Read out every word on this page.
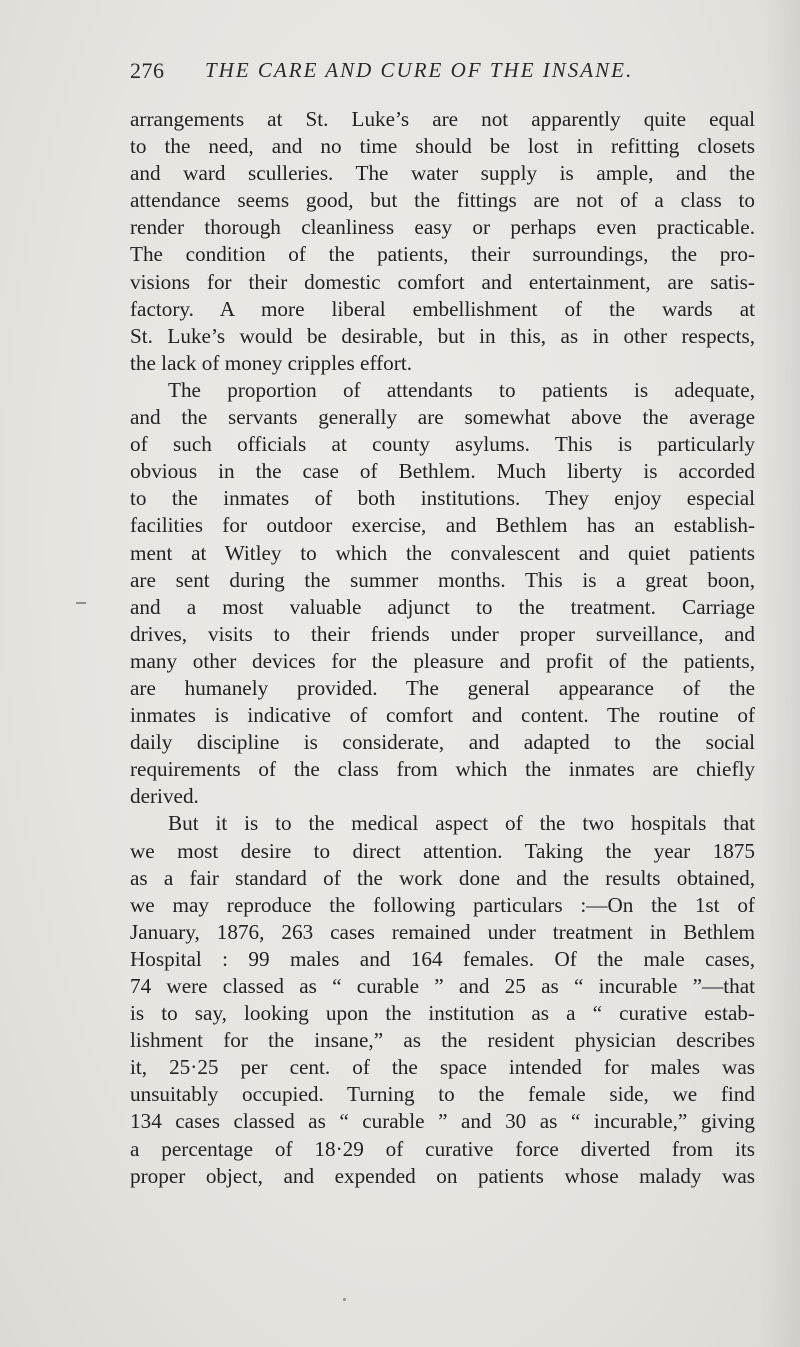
276 THE CARE AND CURE OF THE INSANE.
arrangements at St. Luke’s are not apparently quite equal
to the need, and no time should be lost in refitting closets
and ward sculleries. The water supply is ample, and the
attendance seems good, but the fittings are not of a class to
render thorough cleanliness easy or perhaps even practicable.
The condition of the patients, their surroundings, the pro-
visions for their domestic comfort and entertainment, are satis-
factory. A more liberal embellishment of the wards at
St. Luke’s would be desirable, but in this, as in other respects,
the lack of money cripples effort.
The proportion of attendants to patients is adequate,
and the servants generally are somewhat above the average
of such officials at county asylums. This is particularly
obvious in the case of Bethlem. Much liberty is accorded
to the inmates of both institutions. They enjoy especial
facilities for outdoor exercise, and Bethlem has an establish-
ment at Witley to which the convalescent and quiet patients
are sent during the summer months. This is a great boon,
and a most valuable adjunct to the treatment. Carriage
drives, visits to their friends under proper surveillance, and
many other devices for the pleasure and profit of the patients,
are humanely provided. The general appearance of the
inmates is indicative of comfort and content. The routine of
daily discipline is considerate, and adapted to the social
requirements of the class from which the inmates are chiefly
derived.
But it is to the medical aspect of the two hospitals that
we most desire to direct attention. Taking the year 1875
as a fair standard of the work done and the results obtained,
we may reproduce the following particulars :—On the 1st of
January, 1876, 263 cases remained under treatment in Bethlem
Hospital : 99 males and 164 females. Of the male cases,
74 were classed as “ curable ” and 25 as “ incurable ”—that
is to say, looking upon the institution as a “ curative estab-
lishment for the insane,” as the resident physician describes
it, 25·25 per cent. of the space intended for males was
unsuitably occupied. Turning to the female side, we find
134 cases classed as “ curable ” and 30 as “ incurable,” giving
a percentage of 18·29 of curative force diverted from its
proper object, and expended on patients whose malady was
